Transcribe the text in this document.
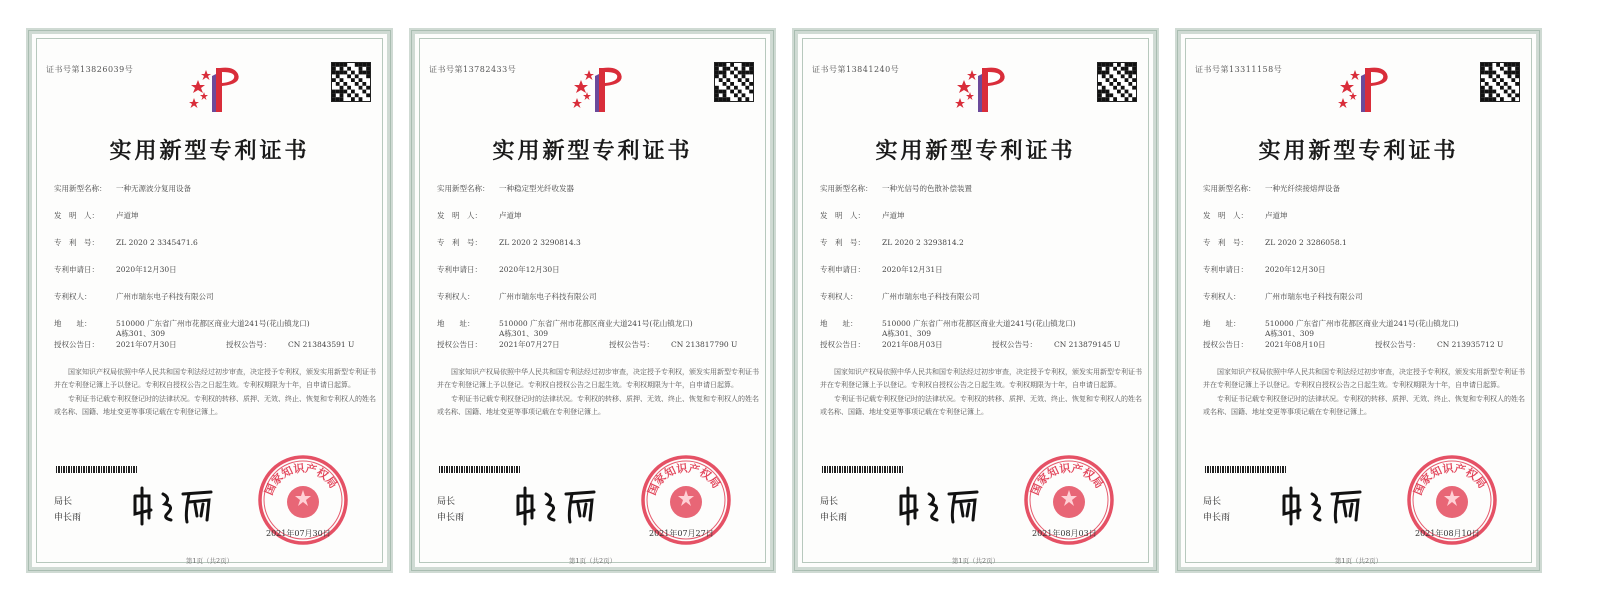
证书号第13826039号
实用新型专利证书
实用新型名称：	一种无源波分复用设备
发　明　人：	卢道坤
专　利　号：	ZL 2020 2 3345471.6
专利申请日：	2020年12月30日
专利权人：	广州市瑞东电子科技有限公司
地　　址：	510000 广东省广州市花都区商业大道241号(花山镇龙口)
A栋301、309
授权公告日：	2021年07月30日	授权公告号：	CN 213843591 U

国家知识产权局依照中华人民共和国专利法经过初步审查，决定授予专利权，颁发实用新型专利证书并在专利登记簿上予以登记。专利权自授权公告之日起生效。专利权期限为十年，自申请日起算。

专利证书记载专利权登记时的法律状况。专利权的转移、质押、无效、终止、恢复和专利权人的姓名或名称、国籍、地址变更等事项记载在专利登记簿上。

局长
申长雨
国家知识产权局
2021年07月30日
第1页（共2页）
证书号第13782433号
实用新型专利证书
实用新型名称：	一种稳定型光纤收发器
发　明　人：	卢道坤
专　利　号：	ZL 2020 2 3290814.3
专利申请日：	2020年12月30日
专利权人：	广州市瑞东电子科技有限公司
地　　址：	510000 广东省广州市花都区商业大道241号(花山镇龙口)
A栋301、309
授权公告日：	2021年07月27日	授权公告号：	CN 213817790 U

国家知识产权局依照中华人民共和国专利法经过初步审查，决定授予专利权，颁发实用新型专利证书并在专利登记簿上予以登记。专利权自授权公告之日起生效。专利权期限为十年，自申请日起算。

专利证书记载专利权登记时的法律状况。专利权的转移、质押、无效、终止、恢复和专利权人的姓名或名称、国籍、地址变更等事项记载在专利登记簿上。

局长
申长雨
国家知识产权局
2021年07月27日
第1页（共2页）
证书号第13841240号
实用新型专利证书
实用新型名称：	一种光信号的色散补偿装置
发　明　人：	卢道坤
专　利　号：	ZL 2020 2 3293814.2
专利申请日：	2020年12月31日
专利权人：	广州市瑞东电子科技有限公司
地　　址：	510000 广东省广州市花都区商业大道241号(花山镇龙口)
A栋301、309
授权公告日：	2021年08月03日	授权公告号：	CN 213879145 U

国家知识产权局依照中华人民共和国专利法经过初步审查，决定授予专利权，颁发实用新型专利证书并在专利登记簿上予以登记。专利权自授权公告之日起生效。专利权期限为十年，自申请日起算。

专利证书记载专利权登记时的法律状况。专利权的转移、质押、无效、终止、恢复和专利权人的姓名或名称、国籍、地址变更等事项记载在专利登记簿上。

局长
申长雨
国家知识产权局
2021年08月03日
第1页（共2页）
证书号第13311158号
实用新型专利证书
实用新型名称：	一种光纤续接熔焊设备
发　明　人：	卢道坤
专　利　号：	ZL 2020 2 3286058.1
专利申请日：	2020年12月30日
专利权人：	广州市瑞东电子科技有限公司
地　　址：	510000 广东省广州市花都区商业大道241号(花山镇龙口)
A栋301、309
授权公告日：	2021年08月10日	授权公告号：	CN 213935712 U

国家知识产权局依照中华人民共和国专利法经过初步审查，决定授予专利权，颁发实用新型专利证书并在专利登记簿上予以登记。专利权自授权公告之日起生效。专利权期限为十年，自申请日起算。

专利证书记载专利权登记时的法律状况。专利权的转移、质押、无效、终止、恢复和专利权人的姓名或名称、国籍、地址变更等事项记载在专利登记簿上。

局长
申长雨
国家知识产权局
2021年08月10日
第1页（共2页）
